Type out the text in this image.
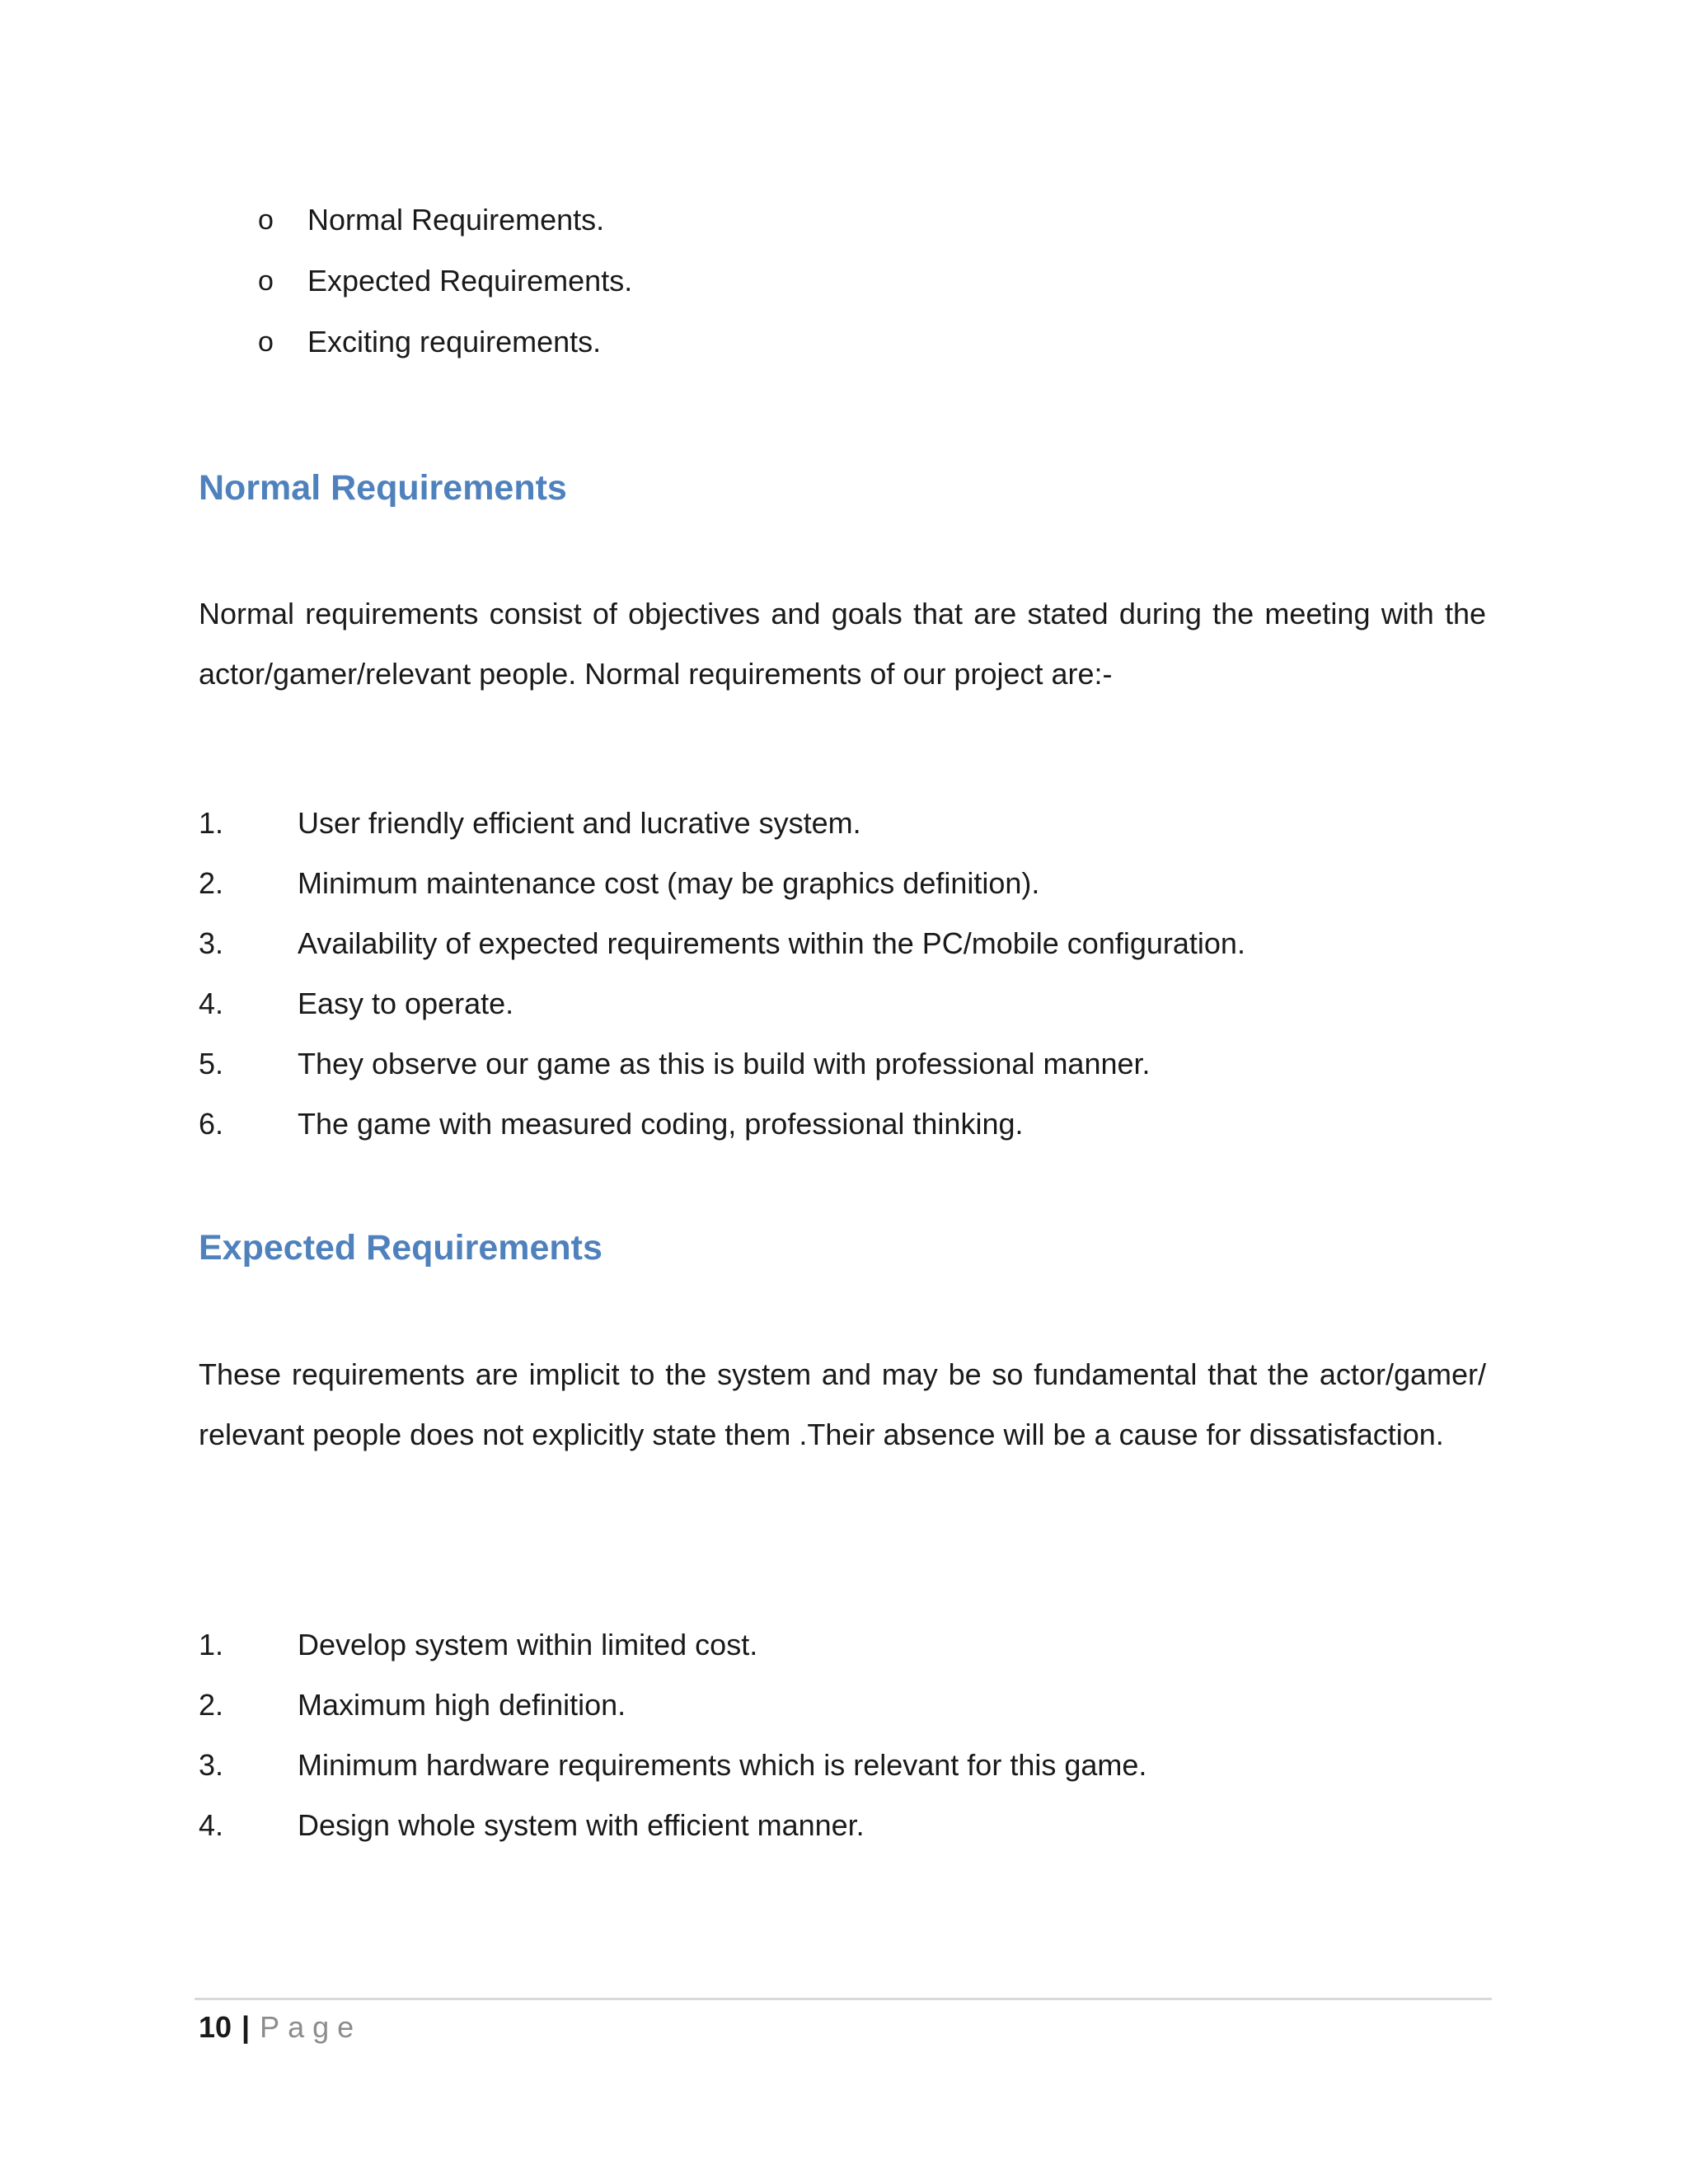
o	Normal Requirements.
o	Expected Requirements.
o	Exciting requirements.
Normal Requirements

Normal requirements consist of objectives and goals that are stated during the meeting with the actor/gamer/relevant people. Normal requirements of our project are:-

1.	User friendly efficient and lucrative system.
2.	Minimum maintenance cost (may be graphics definition).
3.	Availability of expected requirements within the PC/mobile configuration.
4.	Easy to operate.
5.	They observe our game as this is build with professional manner.
6.	The game with measured coding, professional thinking.
Expected Requirements

These requirements are implicit to the system and may be so fundamental that the actor/gamer/ relevant people does not explicitly state them .Their absence will be a cause for dissatisfaction.

1.	Develop system within limited cost.
2.	Maximum high definition.
3.	Minimum hardware requirements which is relevant for this game.
4.	Design whole system with efficient manner.
10 | Page
